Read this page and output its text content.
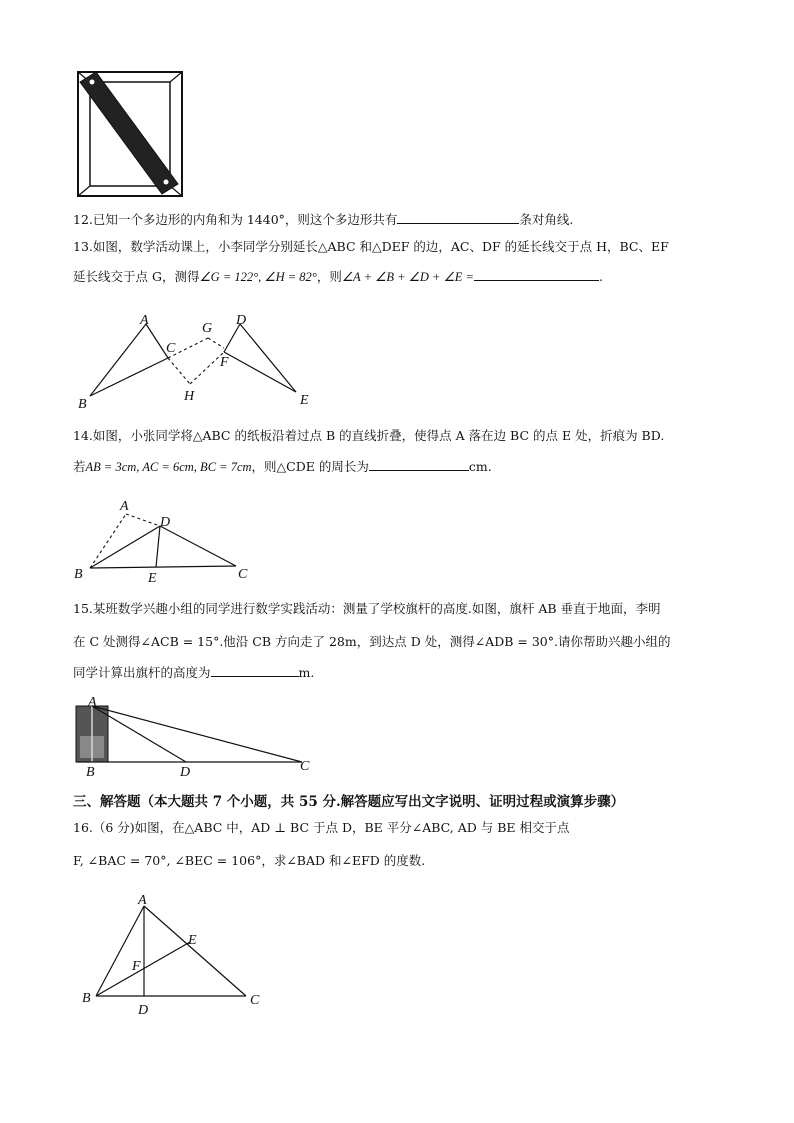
12.已知一个多边形的内角和为 1440°，则这个多边形共有	条对角线.
13.如图，数学活动课上，小李同学分别延长△ABC 和△DEF 的边，AC、DF 的延长线交于点 H，BC、EF
延长线交于点 G，测得∠G = 122°, ∠H = 82°，则∠A + ∠B + ∠D + ∠E =	.
A
B
C
G
D
F
H	E
14.如图，小张同学将△ABC 的纸板沿着过点 B 的直线折叠，使得点 A 落在边 BC 的点 E 处，折痕为 BD.
若AB = 3cm, AC = 6cm, BC = 7cm，则△CDE 的周长为	cm.
A
D
B	E	C
15.某班数学兴趣小组的同学进行数学实践活动：测量了学校旗杆的高度.如图，旗杆 AB 垂直于地面，李明
在 C 处测得∠ACB = 15°.他沿 CB 方向走了 28m，到达点 D 处，测得∠ADB = 30°.请你帮助兴趣小组的
同学计算出旗杆的高度为	m.
A
B	D	C
三、解答题（本大题共 7 个小题，共 55 分.解答题应写出文字说明、证明过程或演算步骤）
16.（6 分)如图，在△ABC 中，AD ⊥ BC 于点 D，BE 平分∠ABC, AD 与 BE 相交于点
F, ∠BAC = 70°, ∠BEC = 106°，求∠BAD 和∠EFD 的度数.
A
E
F
B
D
C
